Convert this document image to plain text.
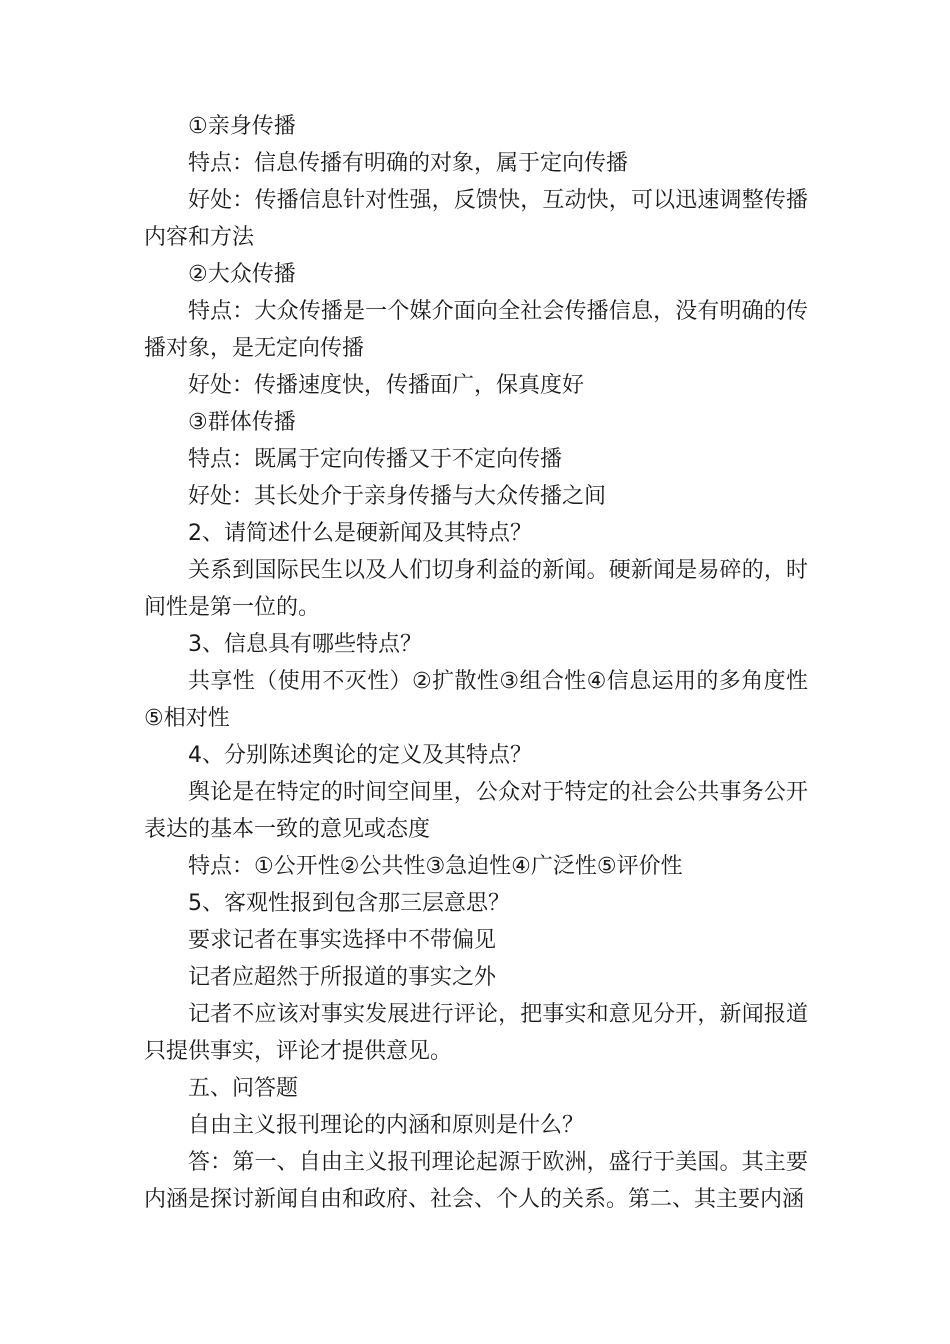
①亲身传播

特点：信息传播有明确的对象，属于定向传播

好处：传播信息针对性强，反馈快，互动快，可以迅速调整传播内容和方法

②大众传播

特点：大众传播是一个媒介面向全社会传播信息，没有明确的传播对象，是无定向传播

好处：传播速度快，传播面广，保真度好

③群体传播

特点：既属于定向传播又于不定向传播

好处：其长处介于亲身传播与大众传播之间

2、请简述什么是硬新闻及其特点？

关系到国际民生以及人们切身利益的新闻。硬新闻是易碎的，时间性是第一位的。

3、信息具有哪些特点？

共享性（使用不灭性）②扩散性③组合性④信息运用的多角度性⑤相对性

4、分别陈述舆论的定义及其特点？

舆论是在特定的时间空间里，公众对于特定的社会公共事务公开表达的基本一致的意见或态度

特点：①公开性②公共性③急迫性④广泛性⑤评价性

5、客观性报到包含那三层意思？

要求记者在事实选择中不带偏见

记者应超然于所报道的事实之外

记者不应该对事实发展进行评论，把事实和意见分开，新闻报道只提供事实，评论才提供意见。

五、问答题

自由主义报刊理论的内涵和原则是什么？

答：第一、自由主义报刊理论起源于欧洲，盛行于美国。其主要内涵是探讨新闻自由和政府、社会、个人的关系。第二、其主要内涵
